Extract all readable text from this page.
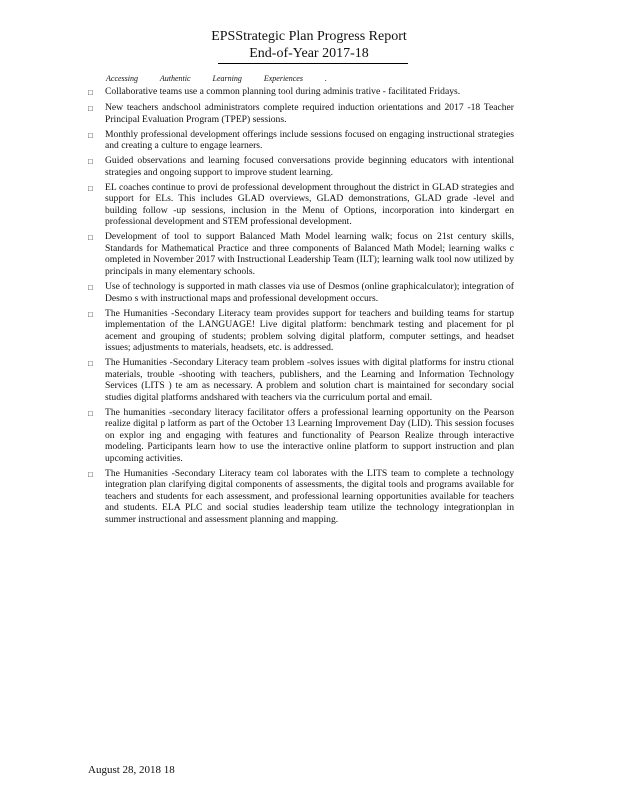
EPSStrategic Plan Progress Report
End-of-Year 2017-18
Accessing Authentic Learning Experiences .
□	Collaborative teams use a common planning tool during adminis trative - facilitated Fridays.
□	New teachers andschool administrators complete required induction orientations and 2017 -18 Teacher Principal Evaluation Program (TPEP) sessions.
□	Monthly professional development offerings include sessions focused on engaging instructional strategies and creating a culture to engage learners.
□	Guided observations and learning focused conversations provide beginning educators with intentional strategies and ongoing support to improve student learning.
□	EL coaches continue to provi de professional development throughout the district in GLAD strategies and support for ELs. This includes GLAD overviews, GLAD demonstrations, GLAD grade -level and building follow -up sessions, inclusion in the Menu of Options, incorporation into kindergart en professional development and STEM professional development.
□	Development of tool to support Balanced Math Model learning walk; focus on 21st century skills, Standards for Mathematical Practice and three components of Balanced Math Model; learning walks c ompleted in November 2017 with Instructional Leadership Team (ILT); learning walk tool now utilized by principals in many elementary schools.
□	Use of technology is supported in math classes via use of Desmos (online graphicalculator); integration of Desmo s with instructional maps and professional development occurs.
□	The Humanities -Secondary Literacy team provides support for teachers and building teams for startup implementation of the LANGUAGE! Live digital platform: benchmark testing and placement for pl acement and grouping of students; problem solving digital platform, computer settings, and headset issues; adjustments to materials, headsets, etc. is addressed.
□	The Humanities -Secondary Literacy team problem -solves issues with digital platforms for instru ctional materials, trouble -shooting with teachers, publishers, and the Learning and Information Technology Services (LITS ) te am as necessary. A problem and solution chart is maintained for secondary social studies digital platforms andshared with teachers via the curriculum portal and email.
□	The humanities -secondary literacy facilitator offers a professional learning opportunity on the Pearson realize digital p latform as part of the October 13 Learning Improvement Day (LID). This session focuses on explor ing and engaging with features and functionality of Pearson Realize through interactive modeling. Participants learn how to use the interactive online platform to support instruction and plan upcoming activities.
□	The Humanities -Secondary Literacy team col laborates with the LITS team to complete a technology integration plan clarifying digital components of assessments, the digital tools and programs available for teachers and students for each assessment, and professional learning opportunities available for teachers and students. ELA PLC and social studies leadership team utilize the technology integrationplan in summer instructional and assessment planning and mapping.
August 28, 2018 18
